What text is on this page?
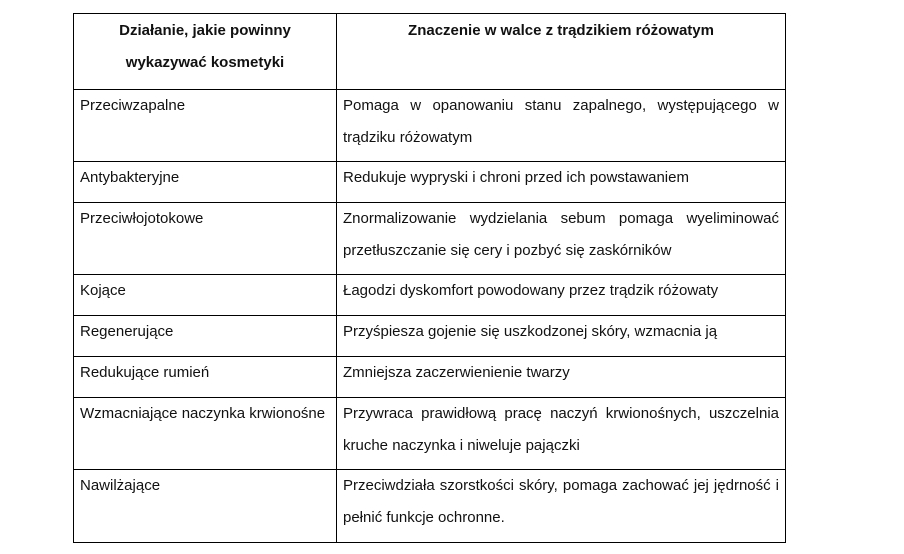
Działanie, jakie powinny wykazywać kosmetyki	Znaczenie w walce z trądzikiem różowatym
Przeciwzapalne	Pomaga w opanowaniu stanu zapalnego, występującego w trądziku różowatym
Antybakteryjne	Redukuje wypryski i chroni przed ich powstawaniem
Przeciwłojotokowe	Znormalizowanie wydzielania sebum pomaga wyeliminować przetłuszczanie się cery i pozbyć się zaskórników
Kojące	Łagodzi dyskomfort powodowany przez trądzik różowaty
Regenerujące	Przyśpiesza gojenie się uszkodzonej skóry, wzmacnia ją
Redukujące rumień	Zmniejsza zaczerwienienie twarzy
Wzmacniające naczynka krwionośne	Przywraca prawidłową pracę naczyń krwionośnych, uszczelnia kruche naczynka i niweluje pajączki
Nawilżające	Przeciwdziała szorstkości skóry, pomaga zachować jej jędrność i pełnić funkcje ochronne.
